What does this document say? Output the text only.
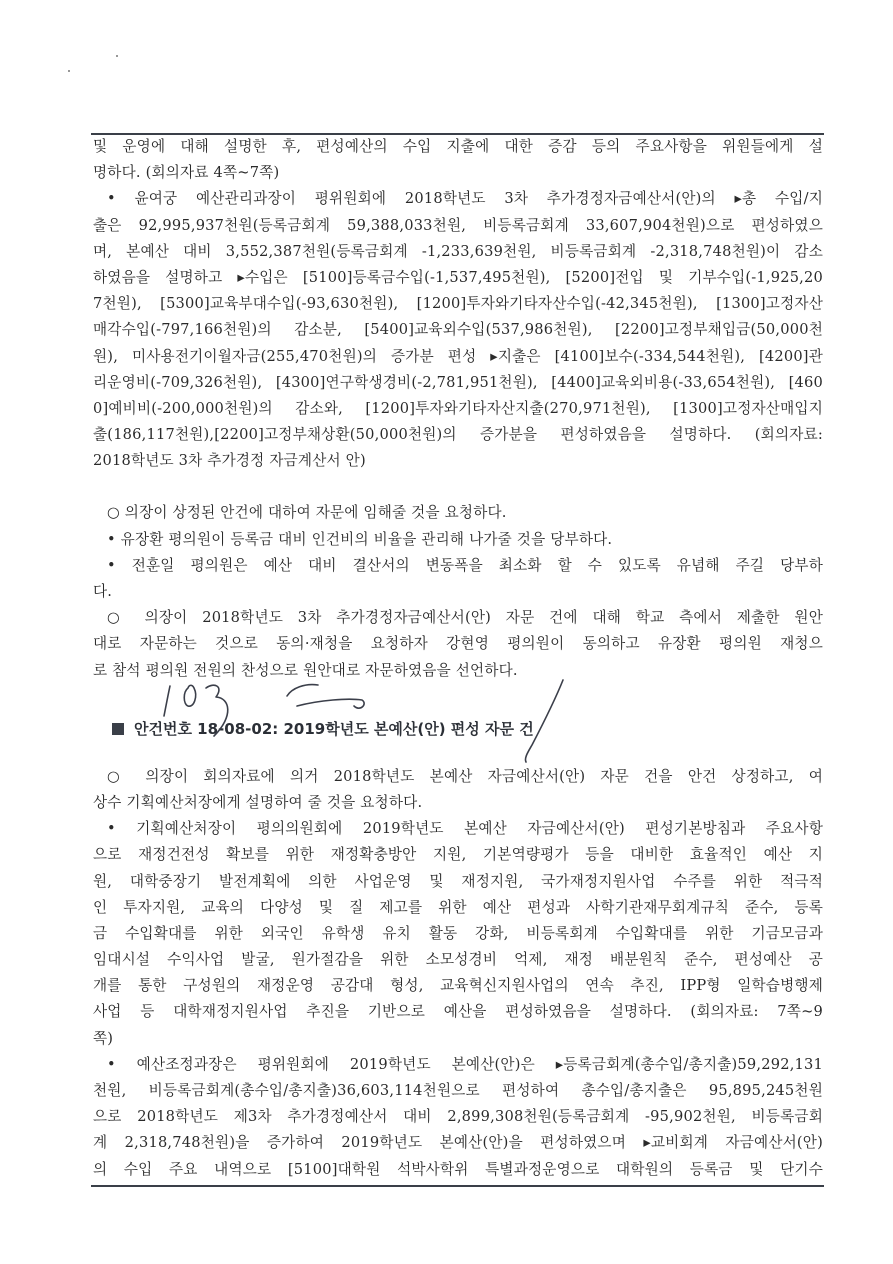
및 운영에 대해 설명한 후, 편성예산의 수입 지출에 대한 증감 등의 주요사항을 위원들에게 설
명하다. (회의자료 4쪽~7쪽)
• 윤여궁 예산관리과장이 평위원회에 2018학년도 3차 추가경정자금예산서(안)의 ▸총 수입/지
출은 92,995,937천원(등록금회계 59,388,033천원, 비등록금회계 33,607,904천원)으로 편성하였으
며, 본예산 대비 3,552,387천원(등록금회계 -1,233,639천원, 비등록금회계 -2,318,748천원)이 감소
하였음을 설명하고 ▸수입은 [5100]등록금수입(-1,537,495천원), [5200]전입 및 기부수입(-1,925,20
7천원), [5300]교육부대수입(-93,630천원), [1200]투자와기타자산수입(-42,345천원), [1300]고정자산
매각수입(-797,166천원)의 감소분, [5400]교육외수입(537,986천원), [2200]고정부채입금(50,000천
원), 미사용전기이월자금(255,470천원)의 증가분 편성 ▸지출은 [4100]보수(-334,544천원), [4200]관
리운영비(-709,326천원), [4300]연구학생경비(-2,781,951천원), [4400]교육외비용(-33,654천원), [460
0]예비비(-200,000천원)의 감소와, [1200]투자와기타자산지출(270,971천원), [1300]고정자산매입지
출(186,117천원),[2200]고정부채상환(50,000천원)의 증가분을 편성하였음을 설명하다. (회의자료:
2018학년도 3차 추가경정 자금계산서 안)
○ 의장이 상정된 안건에 대하여 자문에 임해줄 것을 요청하다.
• 유장환 평의원이 등록금 대비 인건비의 비율을 관리해 나가줄 것을 당부하다.
• 전훈일 평의원은 예산 대비 결산서의 변동폭을 최소화 할 수 있도록 유념해 주길 당부하
다.
○ 의장이 2018학년도 3차 추가경정자금예산서(안) 자문 건에 대해 학교 측에서 제출한 원안
대로 자문하는 것으로 동의·재청을 요청하자 강현영 평의원이 동의하고 유장환 평의원 재청으
로 참석 평의원 전원의 찬성으로 원안대로 자문하였음을 선언하다.
○ 의장이 회의자료에 의거 2018학년도 본예산 자금예산서(안) 자문 건을 안건 상정하고, 여
상수 기획예산처장에게 설명하여 줄 것을 요청하다.
• 기획예산처장이 평의의원회에 2019학년도 본예산 자금예산서(안) 편성기본방침과 주요사항
으로 재정건전성 확보를 위한 재정확충방안 지원, 기본역량평가 등을 대비한 효율적인 예산 지
원, 대학중장기 발전계획에 의한 사업운영 및 재정지원, 국가재정지원사업 수주를 위한 적극적
인 투자지원, 교육의 다양성 및 질 제고를 위한 예산 편성과 사학기관재무회계규칙 준수, 등록
금 수입확대를 위한 외국인 유학생 유치 활동 강화, 비등록회계 수입확대를 위한 기금모금과
임대시설 수익사업 발굴, 원가절감을 위한 소모성경비 억제, 재정 배분원칙 준수, 편성예산 공
개를 통한 구성원의 재정운영 공감대 형성, 교육혁신지원사업의 연속 추진, IPP형 일학습병행제
사업 등 대학재정지원사업 추진을 기반으로 예산을 편성하였음을 설명하다. (회의자료: 7쪽~9
쪽)
• 예산조정과장은 평위원회에 2019학년도 본예산(안)은 ▸등록금회계(총수입/총지출)59,292,131
천원, 비등록금회계(총수입/총지출)36,603,114천원으로 편성하여 총수입/총지출은 95,895,245천원
으로 2018학년도 제3차 추가경정예산서 대비 2,899,308천원(등록금회계 -95,902천원, 비등록금회
계 2,318,748천원)을 증가하여 2019학년도 본예산(안)을 편성하였으며 ▸교비회계 자금예산서(안)
의 수입 주요 내역으로 [5100]대학원 석박사학위 특별과정운영으로 대학원의 등록금 및 단기수
안건번호 18-08-02: 2019학년도 본예산(안) 편성 자문 건
